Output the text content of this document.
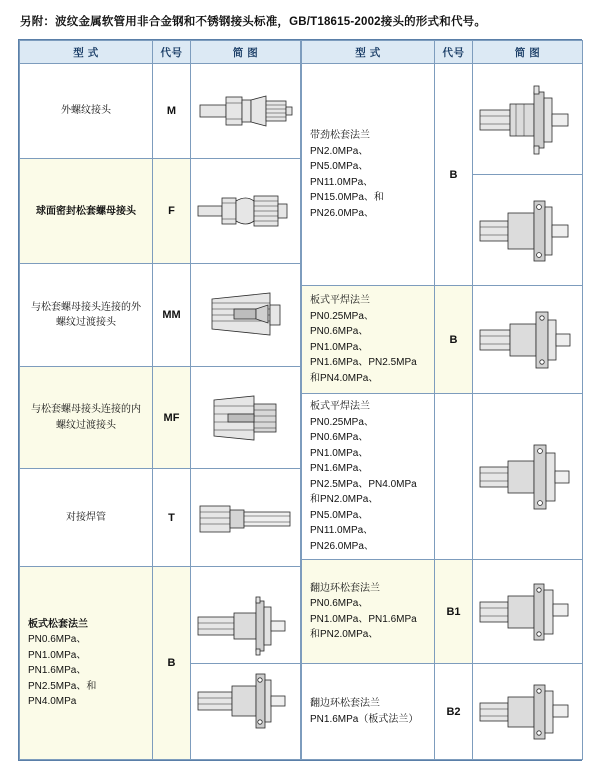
另附：波纹金属软管用非合金钢和不锈钢接头标准，GB/T18615-2002接头的形式和代号。
型 式	代号	简 图
外螺纹接头	M	

球面密封松套螺母接头	F	

与松套螺母接头连接的外螺纹过渡接头	MM	

与松套螺母接头连接的内螺纹过渡接头	MF	

对接焊管	T	

板式松套法兰
PN0.6MPa、PN1.0MPa、PN1.6MPa、PN2.5MPa、和PN4.0MPa	B	
型 式	代号	简 图

带劲松套法兰
PN2.0MPa、PN5.0MPa、PN11.0MPa、PN15.0MPa、和PN26.0MPa、	B	

板式平焊法兰
PN0.25MPa、PN0.6MPa、PN1.0MPa、PN1.6MPa、PN2.5MPa和PN4.0MPa、	B	

板式平焊法兰
PN0.25MPa、PN0.6MPa、PN1.0MPa、PN1.6MPa、PN2.5MPa、PN4.0MPa 和PN2.0MPa、PN5.0MPa、PN11.0MPa、PN26.0MPa、

翻边环松套法兰
PN0.6MPa、PN1.0MPa、PN1.6MPa和PN2.0MPa、	B1	

翻边环松套法兰
PN1.6MPa（板式法兰）	B2	
